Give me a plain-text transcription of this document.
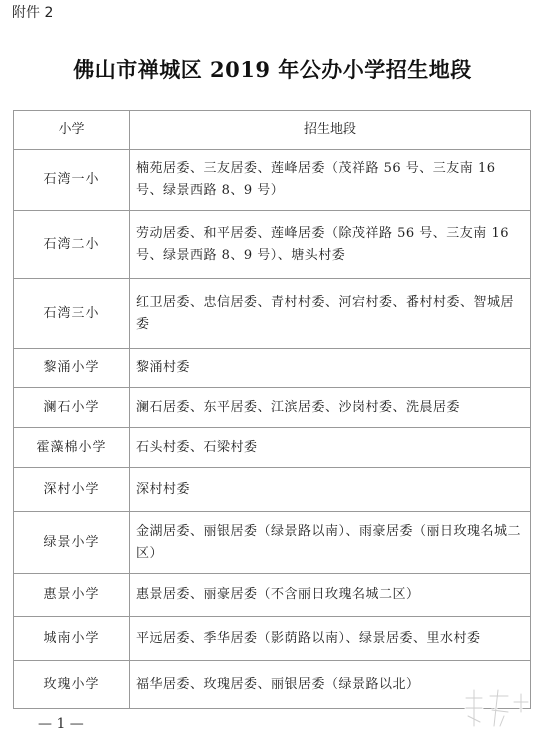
附件 2
佛山市禅城区 2019 年公办小学招生地段
小学	招生地段
石湾一小	楠苑居委、三友居委、莲峰居委（茂祥路 56 号、三友南 16 号、绿景西路 8、9 号）
石湾二小	劳动居委、和平居委、莲峰居委（除茂祥路 56 号、三友南 16 号、绿景西路 8、9 号）、塘头村委
石湾三小	红卫居委、忠信居委、青村村委、河宕村委、番村村委、智城居委
黎涌小学	黎涌村委
澜石小学	澜石居委、东平居委、江滨居委、沙岗村委、洗晨居委
霍藻棉小学	石头村委、石梁村委
深村小学	深村村委
绿景小学	金湖居委、丽银居委（绿景路以南）、雨豪居委（丽日玫瑰名城二区）
惠景小学	惠景居委、丽豪居委（不含丽日玫瑰名城二区）
城南小学	平远居委、季华居委（影荫路以南）、绿景居委、里水村委
玫瑰小学	福华居委、玫瑰居委、丽银居委（绿景路以北）
— 1 —
